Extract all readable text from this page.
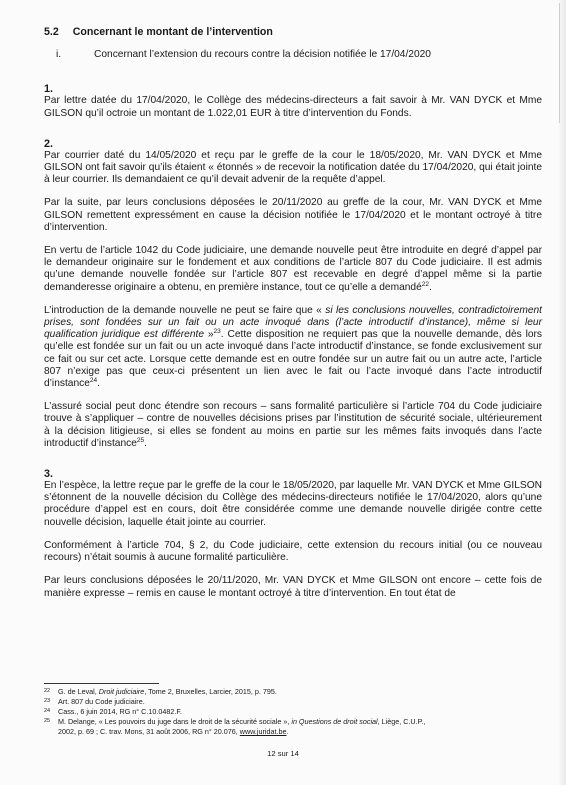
5.2 Concernant le montant de l’intervention
i.	Concernant l’extension du recours contre la décision notifiée le 17/04/2020
1.

Par lettre datée du 17/04/2020, le Collège des médecins-directeurs a fait savoir à Mr. VAN DYCK et Mme GILSON qu’il octroie un montant de 1.022,01 EUR à titre d’intervention du Fonds.

2.

Par courrier daté du 14/05/2020 et reçu par le greffe de la cour le 18/05/2020, Mr. VAN DYCK et Mme GILSON ont fait savoir qu’ils étaient « étonnés » de recevoir la notification datée du 17/04/2020, qui était jointe à leur courrier. Ils demandaient ce qu’il devait advenir de la requête d’appel.

Par la suite, par leurs conclusions déposées le 20/11/2020 au greffe de la cour, Mr. VAN DYCK et Mme GILSON remettent expressément en cause la décision notifiée le 17/04/2020 et le montant octroyé à titre d’intervention.

En vertu de l’article 1042 du Code judiciaire, une demande nouvelle peut être introduite en degré d’appel par le demandeur originaire sur le fondement et aux conditions de l’article 807 du Code judiciaire. Il est admis qu’une demande nouvelle fondée sur l’article 807 est recevable en degré d’appel même si la partie demanderesse originaire a obtenu, en première instance, tout ce qu’elle a demandé$^{22}$.

L’introduction de la demande nouvelle ne peut se faire que « si les conclusions nouvelles, contradictoirement prises, sont fondées sur un fait ou un acte invoqué dans (l’acte introductif d’instance), même si leur qualification juridique est différente »$^{23}$. Cette disposition ne requiert pas que la nouvelle demande, dès lors qu’elle est fondée sur un fait ou un acte invoqué dans l’acte introductif d’instance, se fonde exclusivement sur ce fait ou sur cet acte. Lorsque cette demande est en outre fondée sur un autre fait ou un autre acte, l’article 807 n’exige pas que ceux-ci présentent un lien avec le fait ou l’acte invoqué dans l’acte introductif d’instance$^{24}$.

L’assuré social peut donc étendre son recours – sans formalité particulière si l’article 704 du Code judiciaire trouve à s’appliquer – contre de nouvelles décisions prises par l’institution de sécurité sociale, ultérieurement à la décision litigieuse, si elles se fondent au moins en partie sur les mêmes faits invoqués dans l’acte introductif d’instance$^{25}$.

3.

En l’espèce, la lettre reçue par le greffe de la cour le 18/05/2020, par laquelle Mr. VAN DYCK et Mme GILSON s’étonnent de la nouvelle décision du Collège des médecins-directeurs notifiée le 17/04/2020, alors qu’une procédure d’appel est en cours, doit être considérée comme une demande nouvelle dirigée contre cette nouvelle décision, laquelle était jointe au courrier.

Conformément à l’article 704, § 2, du Code judiciaire, cette extension du recours initial (ou ce nouveau recours) n’était soumis à aucune formalité particulière.

Par leurs conclusions déposées le 20/11/2020, Mr. VAN DYCK et Mme GILSON ont encore – cette fois de manière expresse – remis en cause le montant octroyé à titre d’intervention. En tout état de

$^{22}$ G. de Leval, Droit judiciaire, Tome 2, Bruxelles, Larcier, 2015, p. 795.
$^{23}$ Art. 807 du Code judiciaire.
$^{24}$ Cass., 6 juin 2014, RG n° C.10.0482.F.
$^{25}$ M. Delange, « Les pouvoirs du juge dans le droit de la sécurité sociale », in Questions de droit social, Liège, C.U.P.,
2002, p. 69 ; C. trav. Mons, 31 août 2006, RG n° 20.076, www.juridat.be.
12 sur 14
